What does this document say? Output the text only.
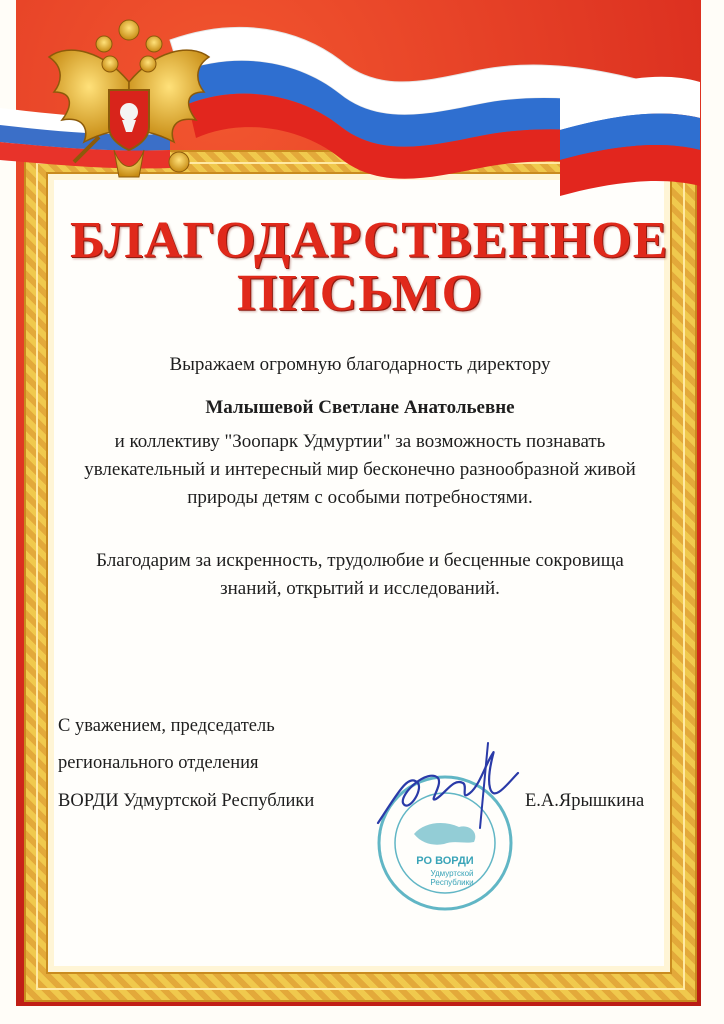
БЛАГОДАРСТВЕННОЕ
ПИСЬМО
Выражаем огромную благодарность директору
Малышевой Светлане Анатольевне
и коллективу "Зоопарк Удмуртии" за возможность познавать
увлекательный и интересный мир бесконечно разнообразной живой
природы детям с особыми потребностями.
Благодарим за искренность, трудолюбие и бесценные сокровища
знаний, открытий и исследований.
С уважением, председатель
регионального отделения
ВОРДИ Удмуртской Республики	Е.А.Ярышкина
РО ВОРДИ
Удмуртской
Республики
